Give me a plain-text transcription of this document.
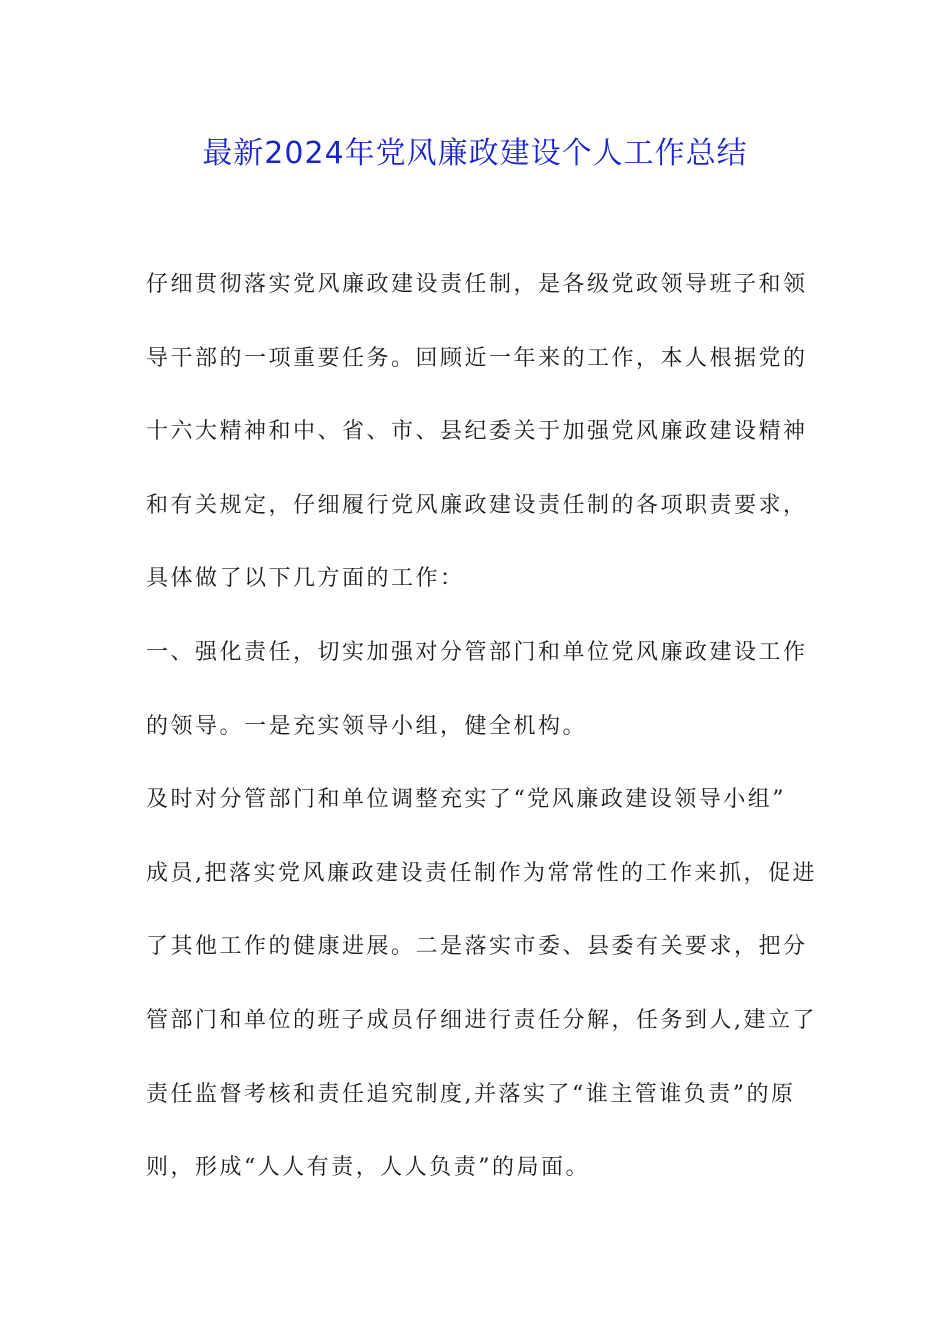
最新2024年党风廉政建设个人工作总结
仔细贯彻落实党风廉政建设责任制，是各级党政领导班子和领
导干部的一项重要任务。回顾近一年来的工作，本人根据党的
十六大精神和中、省、市、县纪委关于加强党风廉政建设精神
和有关规定，仔细履行党风廉政建设责任制的各项职责要求，
具体做了以下几方面的工作：
一、强化责任，切实加强对分管部门和单位党风廉政建设工作
的领导。一是充实领导小组，健全机构。
及时对分管部门和单位调整充实了“党风廉政建设领导小组”
成员,把落实党风廉政建设责任制作为常常性的工作来抓，促进
了其他工作的健康进展。二是落实市委、县委有关要求，把分
管部门和单位的班子成员仔细进行责任分解，任务到人,建立了
责任监督考核和责任追究制度,并落实了“谁主管谁负责”的原
则，形成“人人有责，人人负责”的局面。
